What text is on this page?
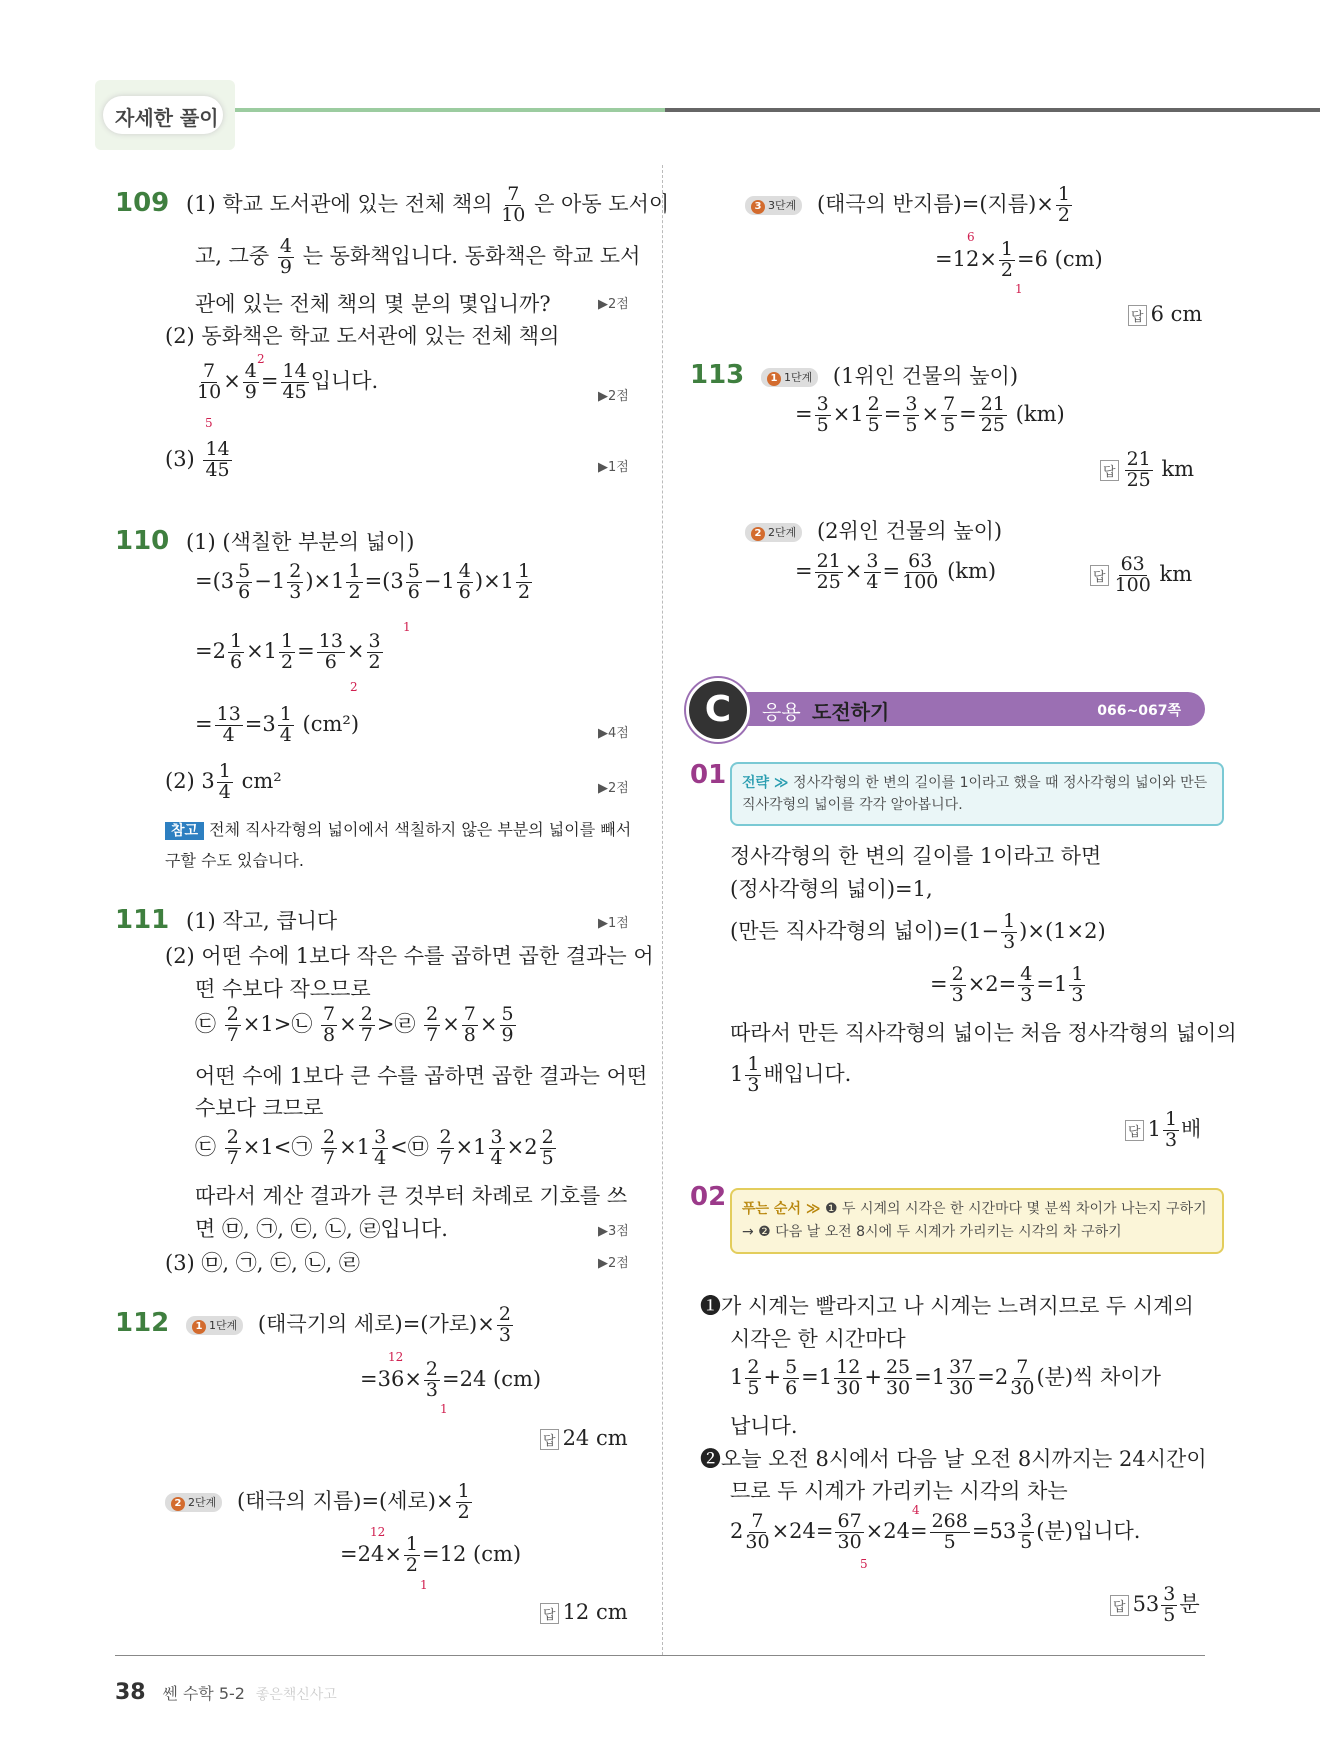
자세한 풀이
109 (1) 학교 도서관에 있는 전체 책의 $\frac{7}{10}$ 은 아동 도서이
고, 그중 $\frac{4}{9}$ 는 동화책입니다. 동화책은 학교 도서
관에 있는 전체 책의 몇 분의 몇입니까?	▶2점
(2) 동화책은 학교 도서관에 있는 전체 책의
$\frac{7}{10} \times \frac{4}{9} = \frac{14}{45}$ 입니다.
2
5
▶2점
$(3) \frac{14}{45}$	▶1점
110 (1) (색칠한 부분의 넓이)
$=(3 \frac{5}{6} -1 \frac{2}{3} )\times 1 \frac{1}{2} =(3 \frac{5}{6} -1 \frac{4}{6} )\times 1 \frac{1}{2}$
$=2 \frac{1}{6} \times 1 \frac{1}{2} = \frac{13}{6} \times \frac{3}{2}$
1
2
= $\frac{13}{4} =3 \frac{1}{4} (cm^2)$	▶4점
(2) $3 \frac{1}{4} cm^2$	▶2점
참고 전체 직사각형의 넓이에서 색칠하지 않은 부분의 넓이를 빼서 구할 수도 있습니다.
111 (1) 작고, 큽니다	▶1점
(2) 어떤 수에 1보다 작은 수를 곱하면 곱한 결과는 어
떤 수보다 작으므로
㉢ $\frac{2}{7}$ ×1>㉡ $\frac{7}{8} \times \frac{2}{7}$ >㉣ $\frac{2}{7} \times \frac{7}{8} \times \frac{5}{9}$
어떤 수에 1보다 큰 수를 곱하면 곱한 결과는 어떤
수보다 크므로
㉢ $\frac{2}{7}$ ×1<㉠ $\frac{2}{7} \times 1 \frac{3}{4}$ <㉤ $\frac{2}{7} \times 1 \frac{3}{4} \times 2 \frac{2}{5}$
따라서 계산 결과가 큰 것부터 차례로 기호를 쓰
면 ㉤, ㉠, ㉢, ㉡, ㉣입니다.	▶3점
(3) ㉤, ㉠, ㉢, ㉡, ㉣	▶2점
112	1 1단계 (태극기의 세로)=(가로)× $\frac{2}{3}$
$=36\times \frac{2}{3} =24$ (cm)
12
1
답 24 cm
2 2단계 (태극의 지름)=(세로)× $\frac{1}{2}$
$=24\times \frac{1}{2} =12$ (cm)
12
1
답 12 cm
3 3단계 (태극의 반지름)=(지름)× $\frac{1}{2}$
$=12\times \frac{1}{2} =6$ (cm)
6
1
답 6 cm
113	1 1단계 (1위인 건물의 높이)
= $\frac{3}{5} \times 1 \frac{2}{5} = \frac{3}{5} \times \frac{7}{5} = \frac{21}{25} (km)$
답 $\frac{21}{25}$ km
2 2단계 (2위인 건물의 높이)
= $\frac{21}{25} \times \frac{3}{4} = \frac{63}{100} (km)$	답 $\frac{63}{100}$ km
C	응용 도전하기	066~067쪽
01	전략 ≫ 정사각형의 한 변의 길이를 1이라고 했을 때 정사각형의 넓이와 만든 직사각형의 넓이를 각각 알아봅니다.
정사각형의 한 변의 길이를 1이라고 하면
(정사각형의 넓이)=1,
(만든 직사각형의 넓이)$=(1- \frac{1}{3} )\times(1\times 2)$
= $\frac{2}{3} \times 2= \frac{4}{3} =1 \frac{1}{3}$
따라서 만든 직사각형의 넓이는 처음 정사각형의 넓이의
$1 \frac{1}{3}$ 배입니다.
답 $1 \frac{1}{3}$ 배
02	푸는 순서 ≫ ❶ 두 시계의 시각은 한 시간마다 몇 분씩 차이가 나는지 구하기 → ❷ 다음 날 오전 8시에 두 시계가 가리키는 시각의 차 구하기
❶가 시계는 빨라지고 나 시계는 느려지므로 두 시계의
시각은 한 시간마다
$1 \frac{2}{5} + \frac{5}{6} =1 \frac{12}{30} + \frac{25}{30} =1 \frac{37}{30} =2 \frac{7}{30}$ (분)씩 차이가
납니다.
❷오늘 오전 8시에서 다음 날 오전 8시까지는 24시간이
므로 두 시계가 가리키는 시각의 차는
$2 \frac{7}{30} \times 24= \frac{67}{30} \times 24= \frac{268}{5} =53 \frac{3}{5}$ (분)입니다.
4
5
답 $53 \frac{3}{5}$ 분
38 쎈 수학 5-2 좋은책신사고
